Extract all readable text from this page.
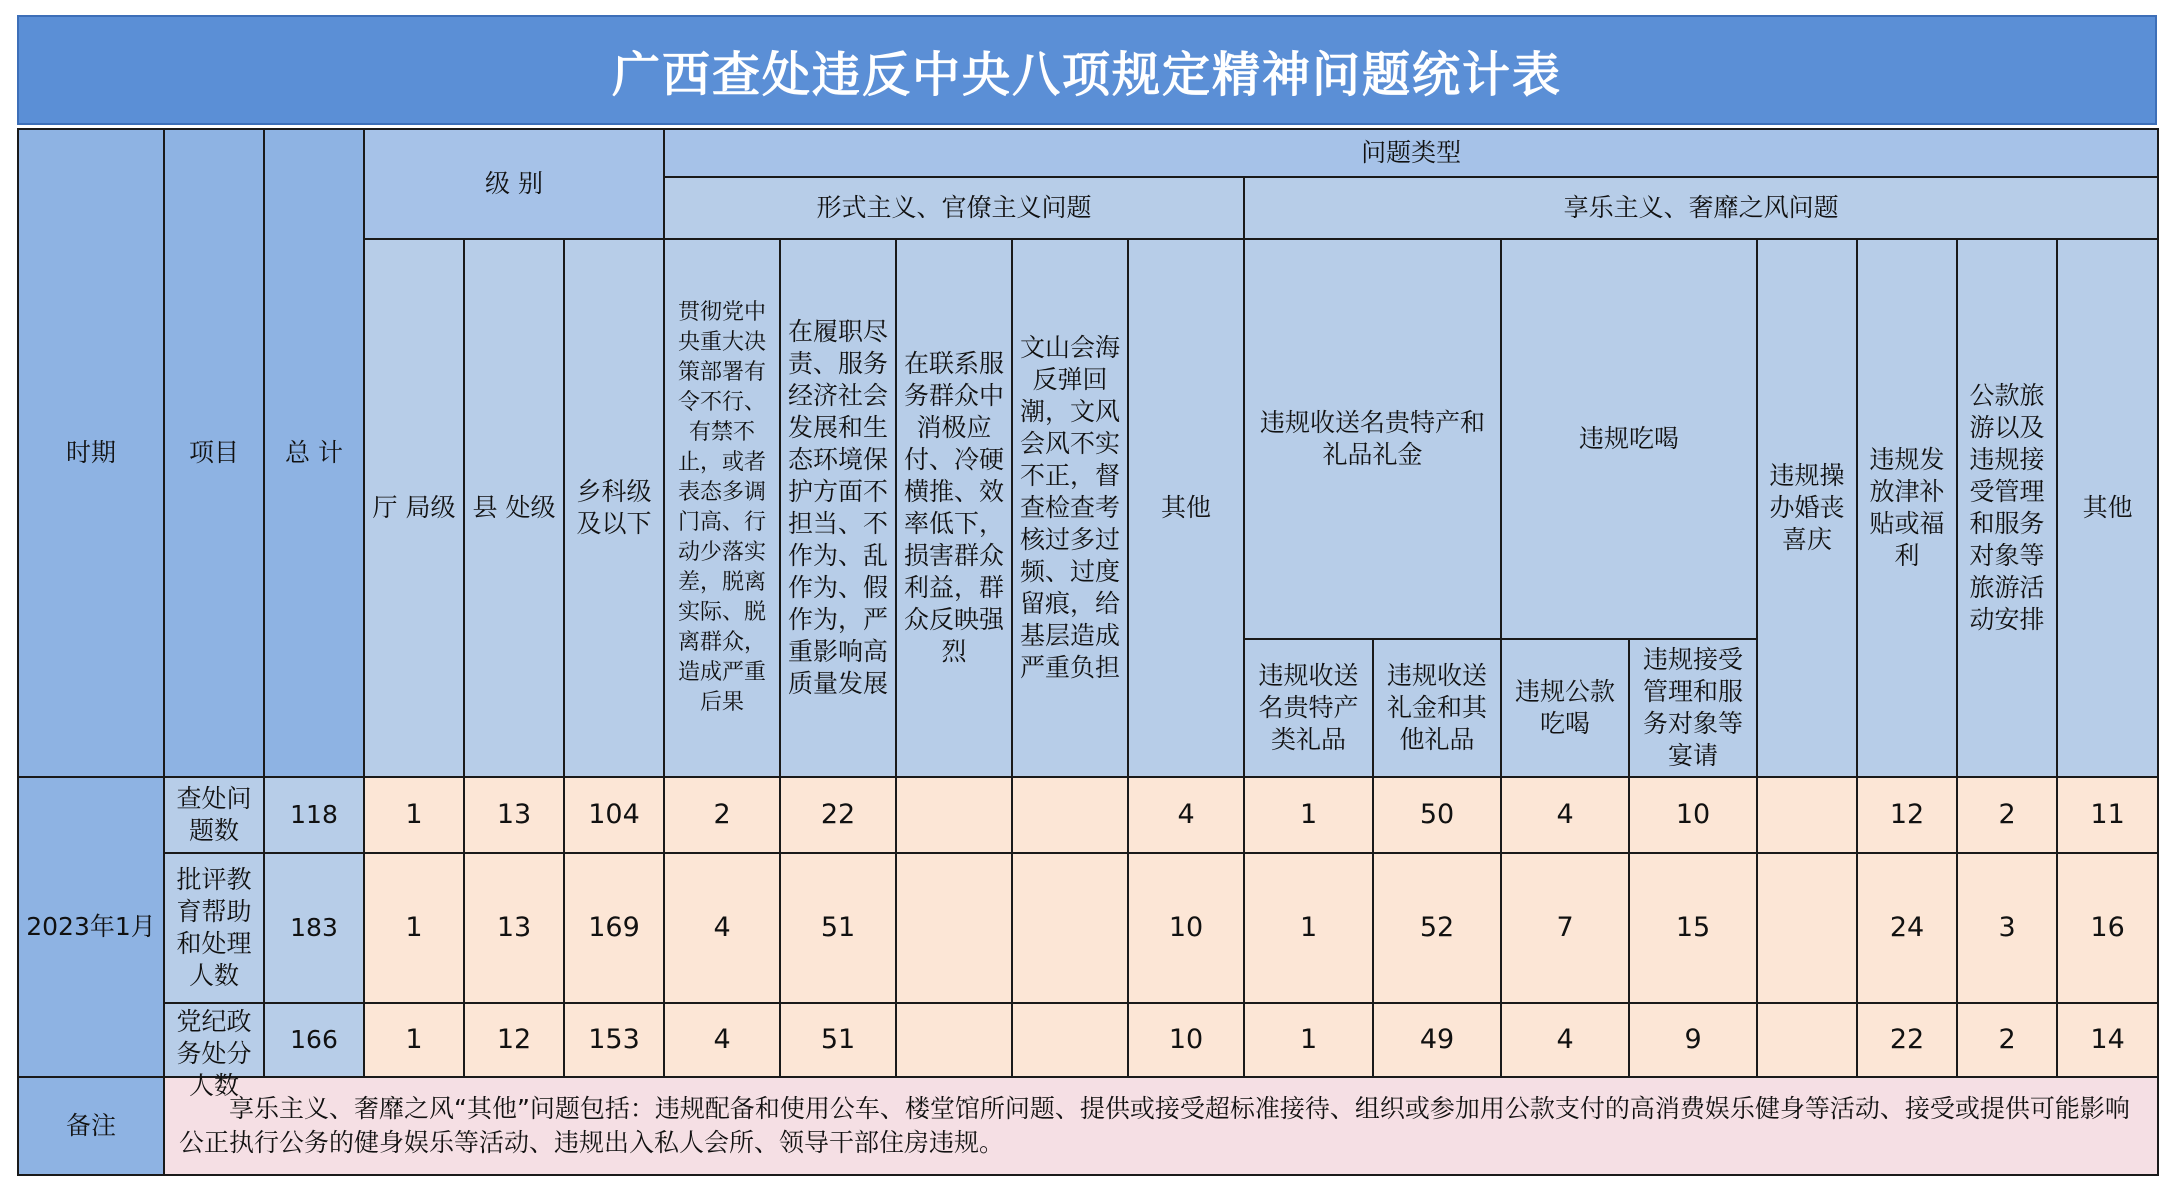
广西查处违反中央八项规定精神问题统计表
时期	项目	总 计	级 别			问题类型												
						形式主义、官僚主义问题					享乐主义、奢靡之风问题							

			厅 局级	县 处级	乡科级及以下	贯彻党中央重大决策部署有令不行、有禁不止，或者表态多调门高、行动少落实差，脱离实际、脱离群众，造成严重后果	在履职尽责、服务经济社会发展和生态环境保护方面不担当、不作为、乱作为、假作为，严重影响高质量发展	在联系服务群众中消极应付、冷硬横推、效率低下，损害群众利益，群众反映强烈	文山会海反弹回潮，文风会风不实不正，督查检查考核过多过频、过度留痕，给基层造成严重负担	其他	违规收送名贵特产和礼品礼金		违规吃喝		违规操办婚丧喜庆	违规发放津补贴或福利	公款旅游以及违规接受管理和服务对象等旅游活动安排	其他

											违规收送名贵特产类礼品	违规收送礼金和其他礼品	违规公款吃喝	违规接受管理和服务对象等宴请				

2023年1月	查处问题数	118	1	13	104	2	22			4	1	50	4	10		12	2	11

	批评教育帮助和处理人数	183	1	13	169	4	51			10	1	52	7	15		24	3	16

	党纪政务处分人数	166	1	12	153	4	51			10	1	49	4	9		22	2	14
备注	享乐主义、奢靡之风“其他”问题包括：违规配备和使用公车、楼堂馆所问题、提供或接受超标准接待、组织或参加用公款支付的高消费娱乐健身等活动、接受或提供可能影响公正执行公务的健身娱乐等活动、违规出入私人会所、领导干部住房违规。																	
